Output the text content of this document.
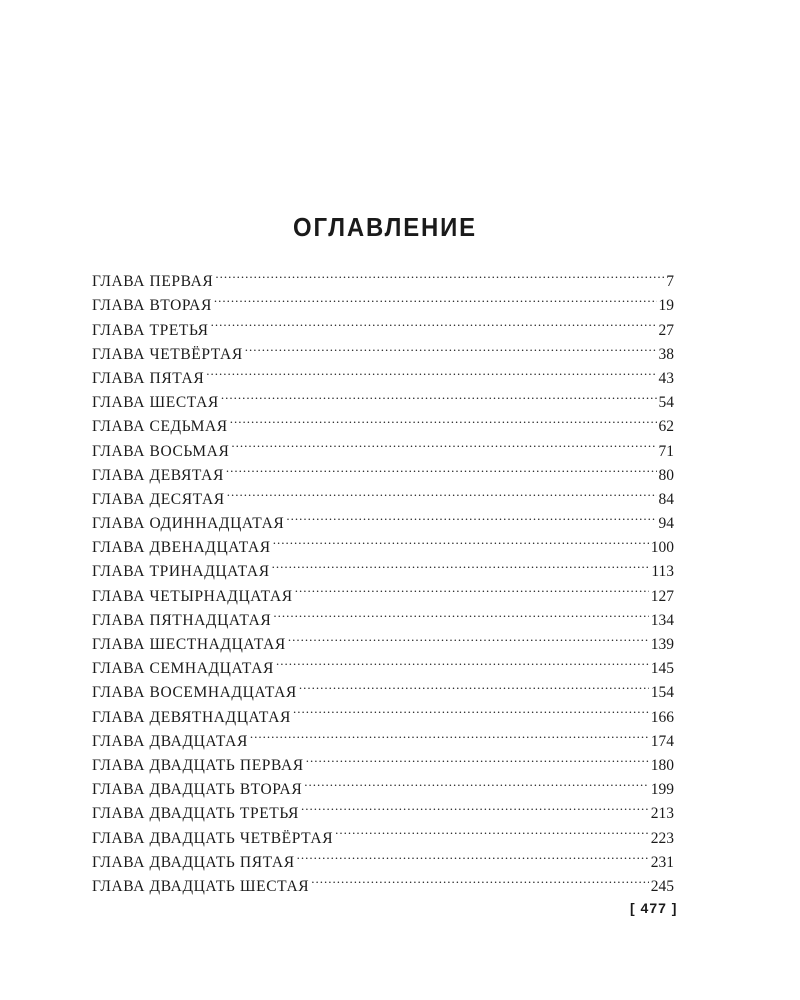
ОГЛАВЛЕНИЕ
ГЛАВА ПЕРВАЯ .....	7
ГЛАВА ВТОРАЯ .....	19
ГЛАВА ТРЕТЬЯ .....	27
ГЛАВА ЧЕТВЁРТАЯ .....	38
ГЛАВА ПЯТАЯ .....	43
ГЛАВА ШЕСТАЯ .....	54
ГЛАВА СЕДЬМАЯ .....	62
ГЛАВА ВОСЬМАЯ .....	71
ГЛАВА ДЕВЯТАЯ .....	80
ГЛАВА ДЕСЯТАЯ .....	84
ГЛАВА ОДИННАДЦАТАЯ .....	94
ГЛАВА ДВЕНАДЦАТАЯ .....	100
ГЛАВА ТРИНАДЦАТАЯ .....	113
ГЛАВА ЧЕТЫРНАДЦАТАЯ .....	127
ГЛАВА ПЯТНАДЦАТАЯ .....	134
ГЛАВА ШЕСТНАДЦАТАЯ .....	139
ГЛАВА СЕМНАДЦАТАЯ .....	145
ГЛАВА ВОСЕМНАДЦАТАЯ .....	154
ГЛАВА ДЕВЯТНАДЦАТАЯ .....	166
ГЛАВА ДВАДЦАТАЯ .....	174
ГЛАВА ДВАДЦАТЬ ПЕРВАЯ .....	180
ГЛАВА ДВАДЦАТЬ ВТОРАЯ .....	199
ГЛАВА ДВАДЦАТЬ ТРЕТЬЯ .....	213
ГЛАВА ДВАДЦАТЬ ЧЕТВЁРТАЯ .....	223
ГЛАВА ДВАДЦАТЬ ПЯТАЯ .....	231
ГЛАВА ДВАДЦАТЬ ШЕСТАЯ .....	245
[ 477 ]
